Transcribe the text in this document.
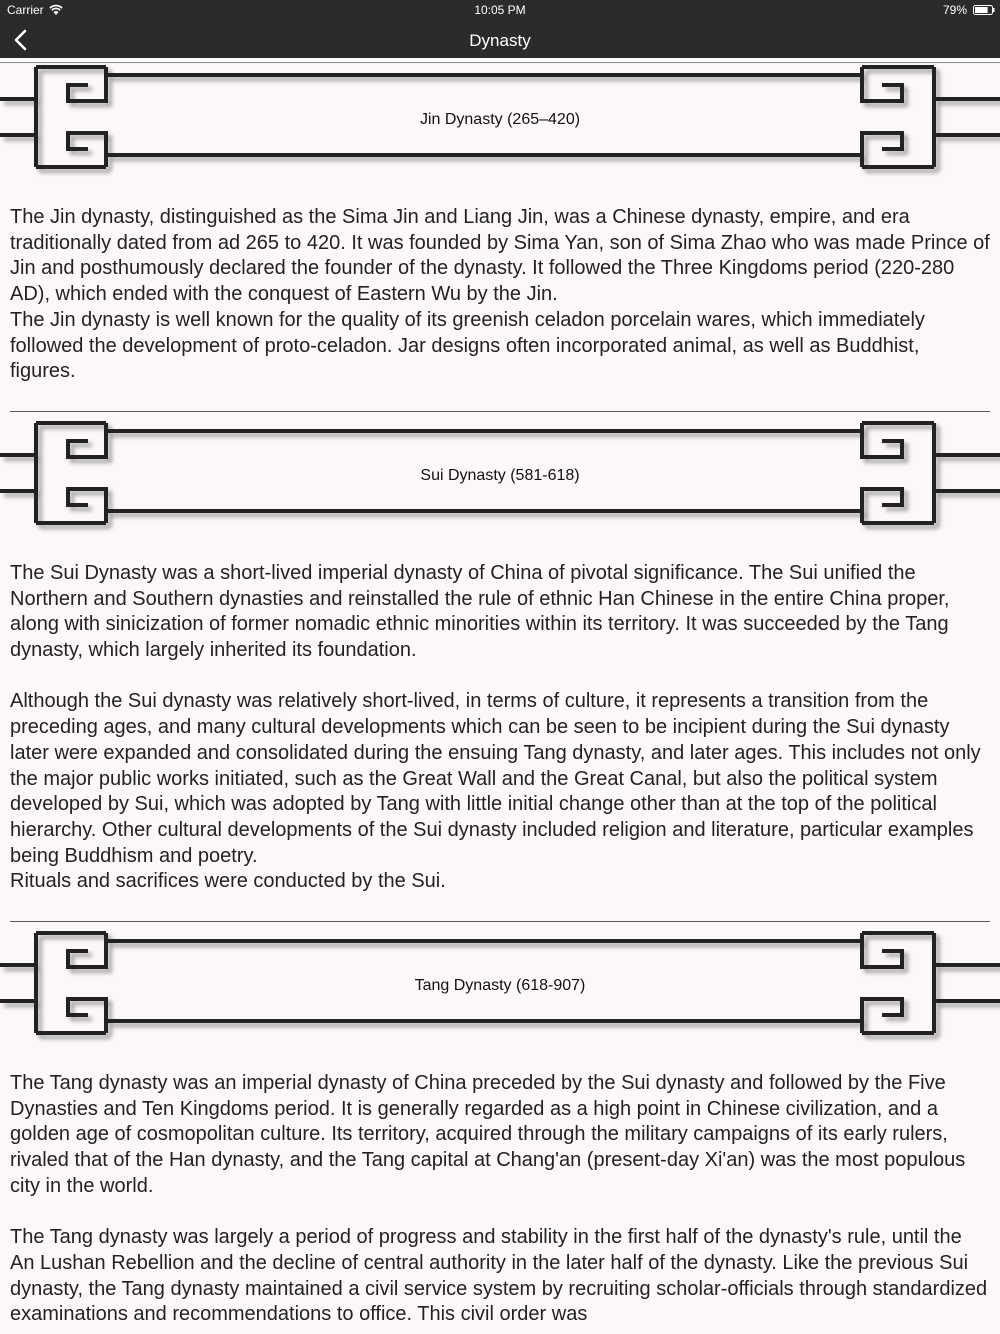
Carrier	10:05 PM	79%
Dynasty
Jin Dynasty (265–420)

The Jin dynasty, distinguished as the Sima Jin and Liang Jin, was a Chinese dynasty, empire, and era traditionally dated from ad 265 to 420. It was founded by Sima Yan, son of Sima Zhao who was made Prince of Jin and posthumously declared the founder of the dynasty. It followed the Three Kingdoms period (220-280 AD), which ended with the conquest of Eastern Wu by the Jin.

The Jin dynasty is well known for the quality of its greenish celadon porcelain wares, which immediately followed the development of proto-celadon. Jar designs often incorporated animal, as well as Buddhist, figures.

Sui Dynasty (581-618)

The Sui Dynasty was a short-lived imperial dynasty of China of pivotal significance. The Sui unified the Northern and Southern dynasties and reinstalled the rule of ethnic Han Chinese in the entire China proper, along with sinicization of former nomadic ethnic minorities within its territory. It was succeeded by the Tang dynasty, which largely inherited its foundation.

Although the Sui dynasty was relatively short-lived, in terms of culture, it represents a transition from the preceding ages, and many cultural developments which can be seen to be incipient during the Sui dynasty later were expanded and consolidated during the ensuing Tang dynasty, and later ages. This includes not only the major public works initiated, such as the Great Wall and the Great Canal, but also the political system developed by Sui, which was adopted by Tang with little initial change other than at the top of the political hierarchy. Other cultural developments of the Sui dynasty included religion and literature, particular examples being Buddhism and poetry.

Rituals and sacrifices were conducted by the Sui.

Tang Dynasty (618-907)

The Tang dynasty was an imperial dynasty of China preceded by the Sui dynasty and followed by the Five Dynasties and Ten Kingdoms period. It is generally regarded as a high point in Chinese civilization, and a golden age of cosmopolitan culture. Its territory, acquired through the military campaigns of its early rulers, rivaled that of the Han dynasty, and the Tang capital at Chang'an (present-day Xi'an) was the most populous city in the world.

The Tang dynasty was largely a period of progress and stability in the first half of the dynasty's rule, until the An Lushan Rebellion and the decline of central authority in the later half of the dynasty. Like the previous Sui dynasty, the Tang dynasty maintained a civil service system by recruiting scholar-officials through standardized examinations and recommendations to office. This civil order was
